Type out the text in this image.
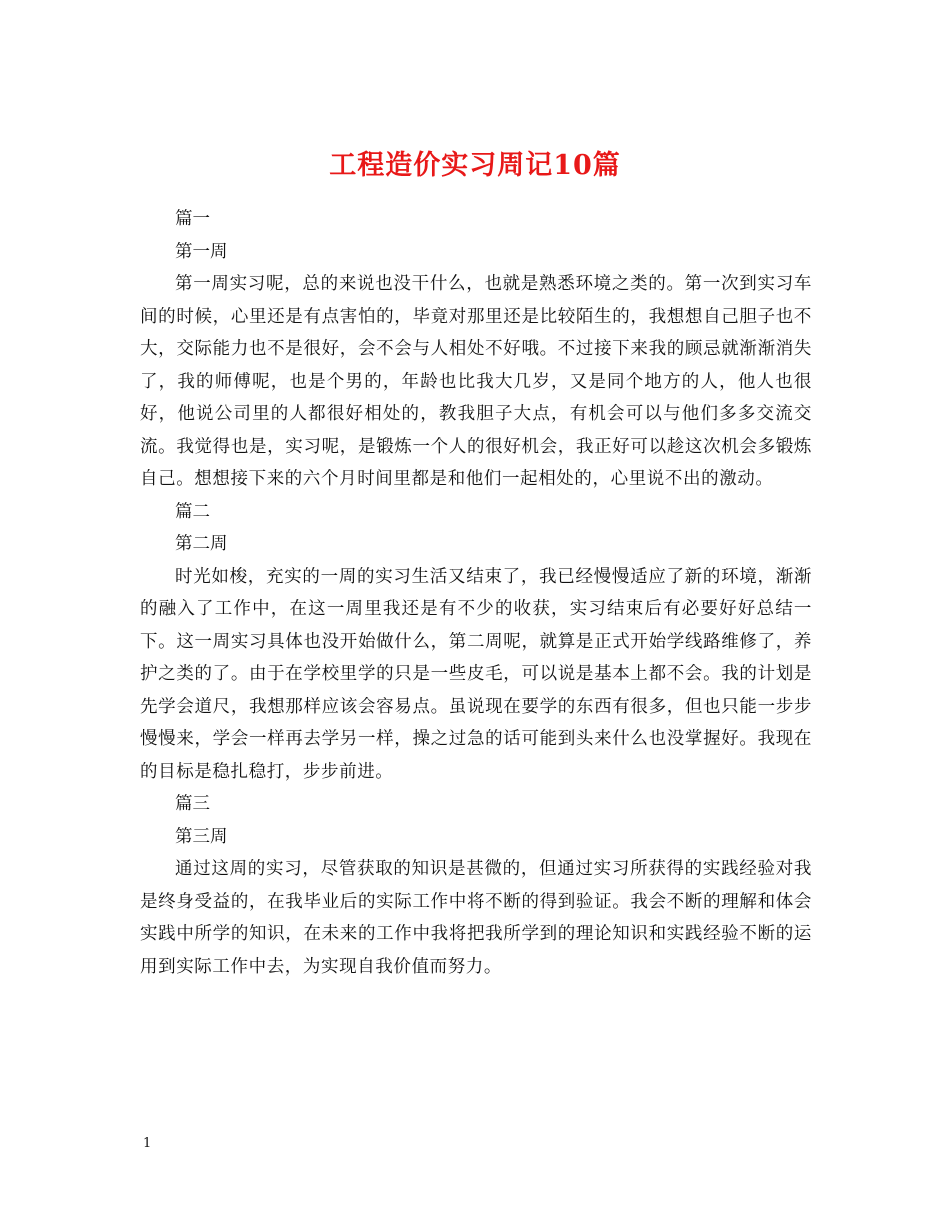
工程造价实习周记10篇

篇一

第一周

第一周实习呢，总的来说也没干什么，也就是熟悉环境之类的。第一次到实习车间的时候，心里还是有点害怕的，毕竟对那里还是比较陌生的，我想想自己胆子也不大，交际能力也不是很好，会不会与人相处不好哦。不过接下来我的顾忌就渐渐消失了，我的师傅呢，也是个男的，年龄也比我大几岁，又是同个地方的人，他人也很好，他说公司里的人都很好相处的，教我胆子大点，有机会可以与他们多多交流交流。我觉得也是，实习呢，是锻炼一个人的很好机会，我正好可以趁这次机会多锻炼自己。想想接下来的六个月时间里都是和他们一起相处的，心里说不出的激动。

篇二

第二周

时光如梭，充实的一周的实习生活又结束了，我已经慢慢适应了新的环境，渐渐的融入了工作中，在这一周里我还是有不少的收获，实习结束后有必要好好总结一下。这一周实习具体也没开始做什么，第二周呢，就算是正式开始学线路维修了，养护之类的了。由于在学校里学的只是一些皮毛，可以说是基本上都不会。我的计划是先学会道尺，我想那样应该会容易点。虽说现在要学的东西有很多，但也只能一步步慢慢来，学会一样再去学另一样，操之过急的话可能到头来什么也没掌握好。我现在的目标是稳扎稳打，步步前进。

篇三

第三周

通过这周的实习，尽管获取的知识是甚微的，但通过实习所获得的实践经验对我是终身受益的，在我毕业后的实际工作中将不断的得到验证。我会不断的理解和体会实践中所学的知识，在未来的工作中我将把我所学到的理论知识和实践经验不断的运用到实际工作中去，为实现自我价值而努力。

1
